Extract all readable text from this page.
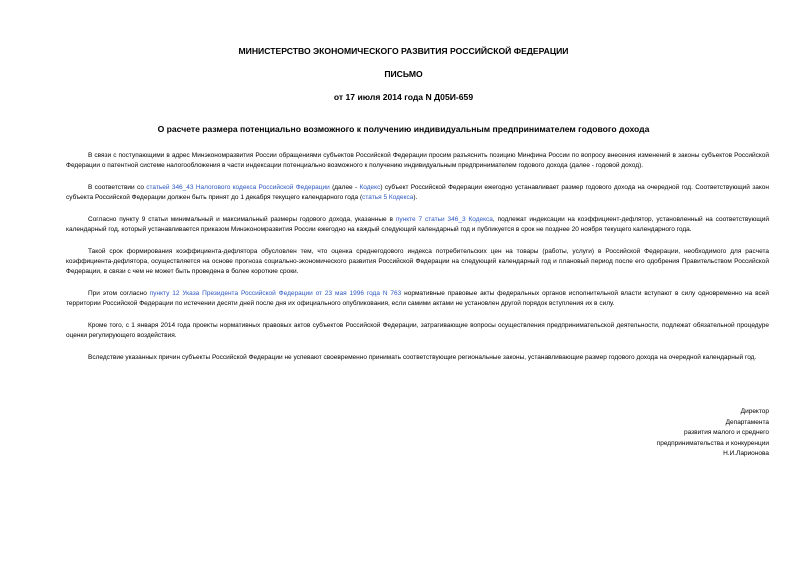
МИНИСТЕРСТВО ЭКОНОМИЧЕСКОГО РАЗВИТИЯ РОССИЙСКОЙ ФЕДЕРАЦИИ
ПИСЬМО
от 17 июля 2014 года N Д05И-659
О расчете размера потенциально возможного к получению индивидуальным предпринимателем годового дохода

В связи с поступающими в адрес Минэкономразвития России обращениями субъектов Российской Федерации просим разъяснить позицию Минфина России по вопросу внесения изменений в законы субъектов Российской Федерации о патентной системе налогообложения в части индексации потенциально возможного к получению индивидуальным предпринимателем годового дохода (далее - годовой доход).

В соответствии со статьей 346_43 Налогового кодекса Российской Федерации (далее - Кодекс) субъект Российской Федерации ежегодно устанавливает размер годового дохода на очередной год. Соответствующий закон субъекта Российской Федерации должен быть принят до 1 декабря текущего календарного года (статья 5 Кодекса).

Согласно пункту 9 статьи минимальный и максимальный размеры годового дохода, указанные в пункте 7 статьи 346_3 Кодекса, подлежат индексации на коэффициент-дефлятор, установленный на соответствующий календарный год, который устанавливается приказом Минэкономразвития России ежегодно на каждый следующий календарный год и публикуется в срок не позднее 20 ноября текущего календарного года.

Такой срок формирования коэффициента-дефлятора обусловлен тем, что оценка среднегодового индекса потребительских цен на товары (работы, услуги) в Российской Федерации, необходимого для расчета коэффициента-дефлятора, осуществляется на основе прогноза социально-экономического развития Российской Федерации на следующий календарный год и плановый период после его одобрения Правительством Российской Федерации, в связи с чем не может быть проведена в более короткие сроки.

При этом согласно пункту 12 Указа Президента Российской Федерации от 23 мая 1996 года N 763 нормативные правовые акты федеральных органов исполнительной власти вступают в силу одновременно на всей территории Российской Федерации по истечении десяти дней после дня их официального опубликования, если самими актами не установлен другой порядок вступления их в силу.

Кроме того, с 1 января 2014 года проекты нормативных правовых актов субъектов Российской Федерации, затрагивающие вопросы осуществления предпринимательской деятельности, подлежат обязательной процедуре оценки регулирующего воздействия.

Вследствие указанных причин субъекты Российской Федерации не успевают своевременно принимать соответствующие региональные законы, устанавливающие размер годового дохода на очередной календарный год.

Директор
Департамента
развития малого и среднего
предпринимательства и конкуренции
Н.И.Ларионова
